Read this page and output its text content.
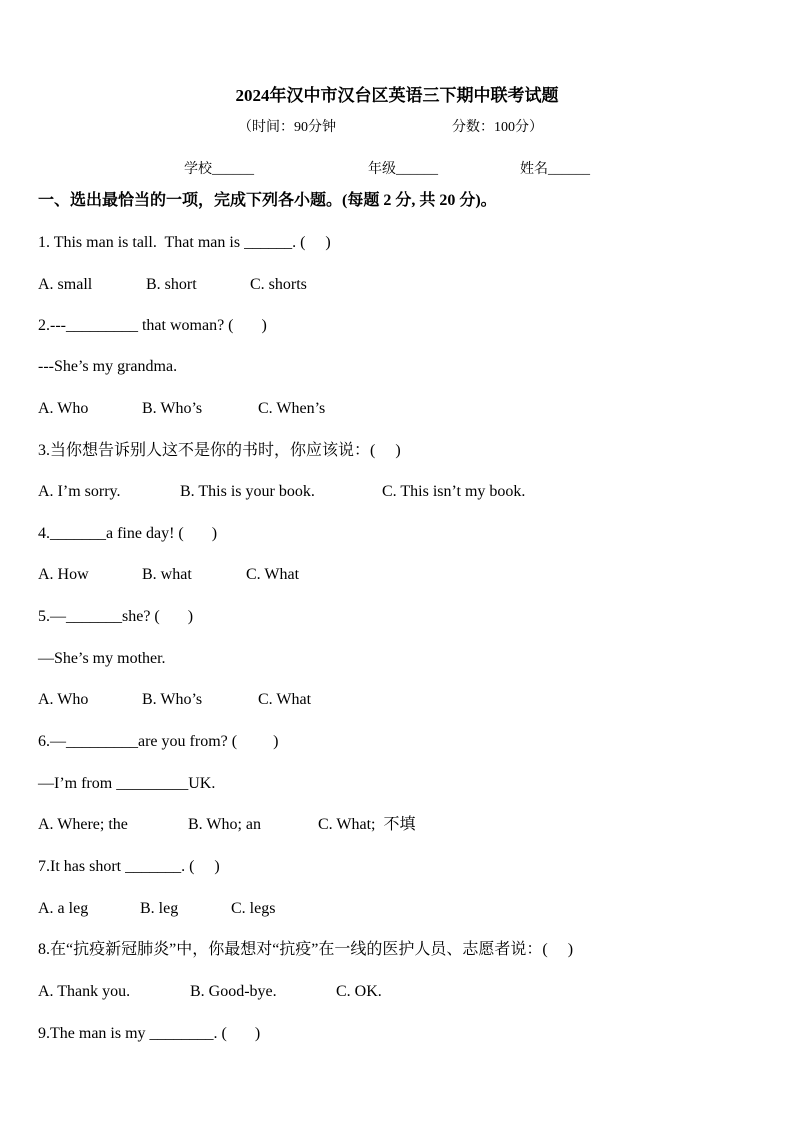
2024年汉中市汉台区英语三下期中联考试题
（时间：90分钟	分数：100分）
学校______	年级______	姓名______
一、选出最恰当的一项，完成下列各小题。(每题 2 分, 共 20 分)。
1. This man is tall.  That man is ______. (     )
A. small	B. short	C. shorts
2.---_________ that woman? (       )
---She’s my grandma.
A. Who	B. Who’s	C. When’s
3.当你想告诉别人这不是你的书时，你应该说：(     )
A. I’m sorry.	B. This is your book.	C. This isn’t my book.
4._______a fine day! (       )
A. How	B. what	C. What
5.—_______she? (       )
—She’s my mother.
A. Who	B. Who’s	C. What
6.—_________are you from? (         )
—I’m from _________UK.
A. Where; the	B. Who; an	C. What;  不填
7.It has short _______. (     )
A. a leg	B. leg	C. legs
8.在“抗疫新冠肺炎”中，你最想对“抗疫”在一线的医护人员、志愿者说：(     )
A. Thank you.	B. Good-bye.	C. OK.
9.The man is my ________. (       )
